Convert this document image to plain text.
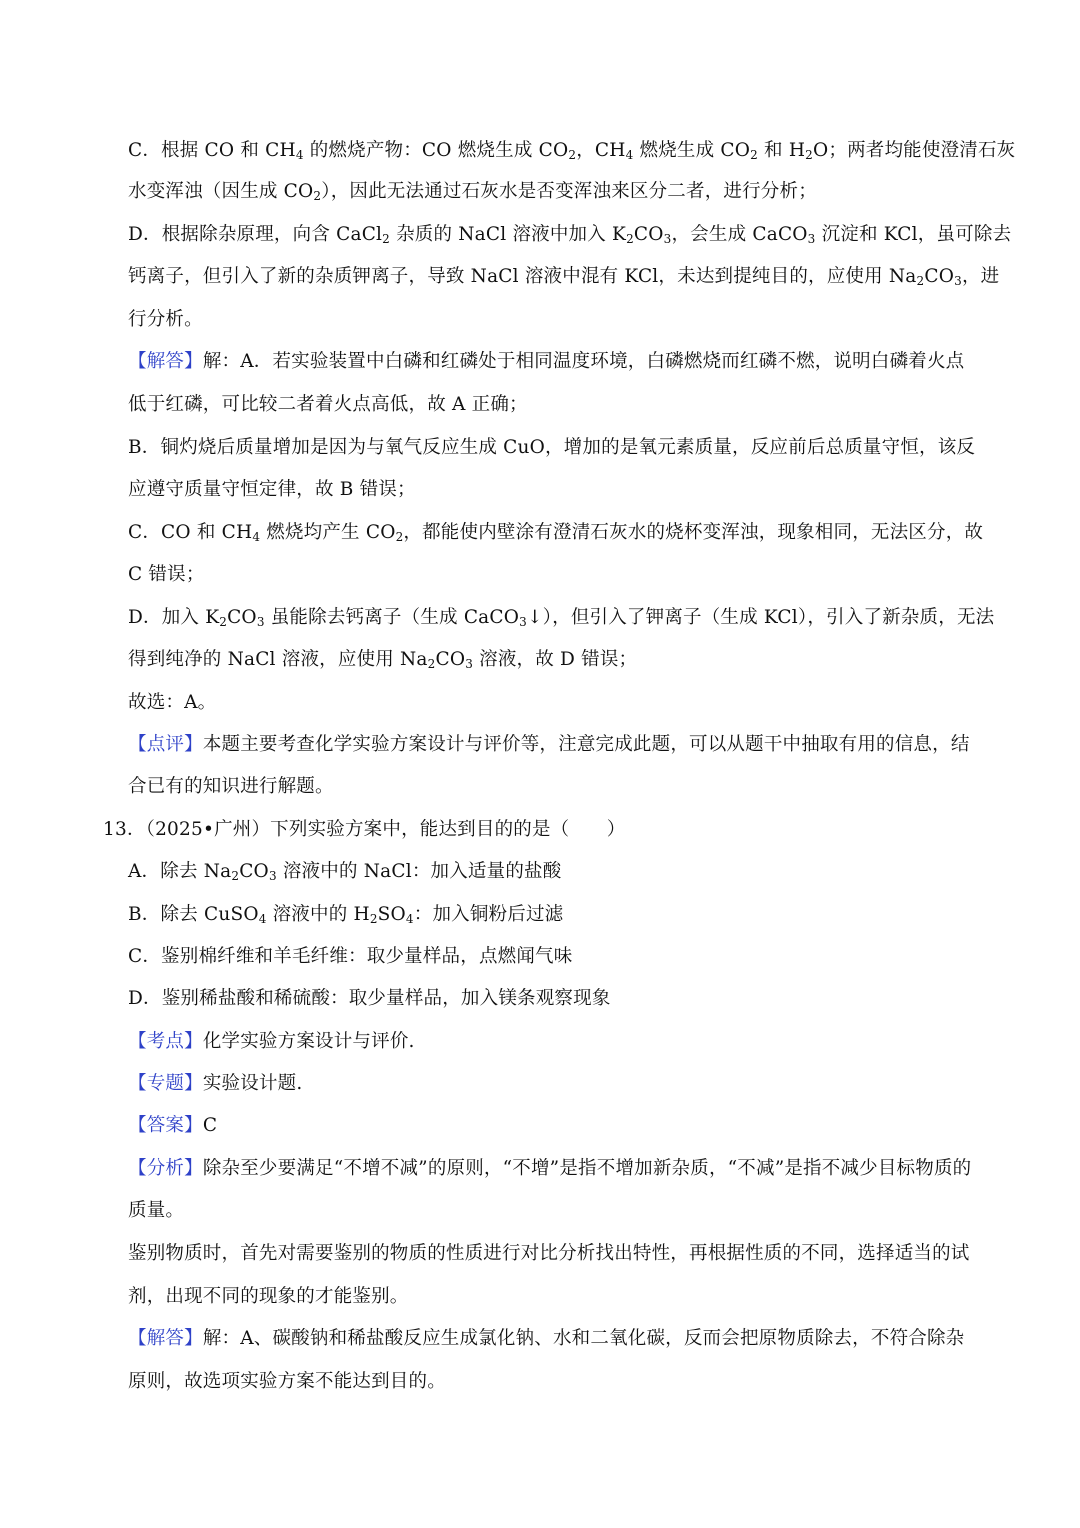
C．根据 CO 和 $CH_4$ 的燃烧产物：CO 燃烧生成 $CO_2$，$CH_4$ 燃烧生成 $CO_2$ 和 $H_2O$；两者均能使澄清石灰
水变浑浊（因生成 $CO_2$），因此无法通过石灰水是否变浑浊来区分二者，进行分析；
D．根据除杂原理，向含 CaCl$_2$ 杂质的 NaCl 溶液中加入 $K_2CO_3$，会生成 CaCO$_3$ 沉淀和 KCl，虽可除去
钙离子，但引入了新的杂质钾离子，导致 NaCl 溶液中混有 KCl，未达到提纯目的，应使用 $Na_2CO_3$，进
行分析。
【解答】解：A．若实验装置中白磷和红磷处于相同温度环境，白磷燃烧而红磷不燃，说明白磷着火点
低于红磷，可比较二者着火点高低，故 A 正确；
B．铜灼烧后质量增加是因为与氧气反应生成 CuO，增加的是氧元素质量，反应前后总质量守恒，该反
应遵守质量守恒定律，故 B 错误；
C．CO 和 $CH_4$ 燃烧均产生 $CO_2$，都能使内壁涂有澄清石灰水的烧杯变浑浊，现象相同，无法区分，故
C 错误；
D．加入 $K_2CO_3$ 虽能除去钙离子（生成 CaCO$_3$↓），但引入了钾离子（生成 KCl），引入了新杂质，无法
得到纯净的 NaCl 溶液，应使用 $Na_2CO_3$ 溶液，故 D 错误；
故选：A。
【点评】本题主要考查化学实验方案设计与评价等，注意完成此题，可以从题干中抽取有用的信息，结
合已有的知识进行解题。
13．（2025•广州）下列实验方案中，能达到目的的是（　　）
A．除去 $Na_2CO_3$ 溶液中的 NaCl：加入适量的盐酸
B．除去 CuSO$_4$ 溶液中的 $H_2SO_4$：加入铜粉后过滤
C．鉴别棉纤维和羊毛纤维：取少量样品，点燃闻气味
D．鉴别稀盐酸和稀硫酸：取少量样品，加入镁条观察现象
【考点】化学实验方案设计与评价.
【专题】实验设计题.
【答案】C
【分析】除杂至少要满足“不增不减”的原则，“不增”是指不增加新杂质，“不减”是指不减少目标物质的
质量。
鉴别物质时，首先对需要鉴别的物质的性质进行对比分析找出特性，再根据性质的不同，选择适当的试
剂，出现不同的现象的才能鉴别。
【解答】解：A、碳酸钠和稀盐酸反应生成氯化钠、水和二氧化碳，反而会把原物质除去，不符合除杂
原则，故选项实验方案不能达到目的。
